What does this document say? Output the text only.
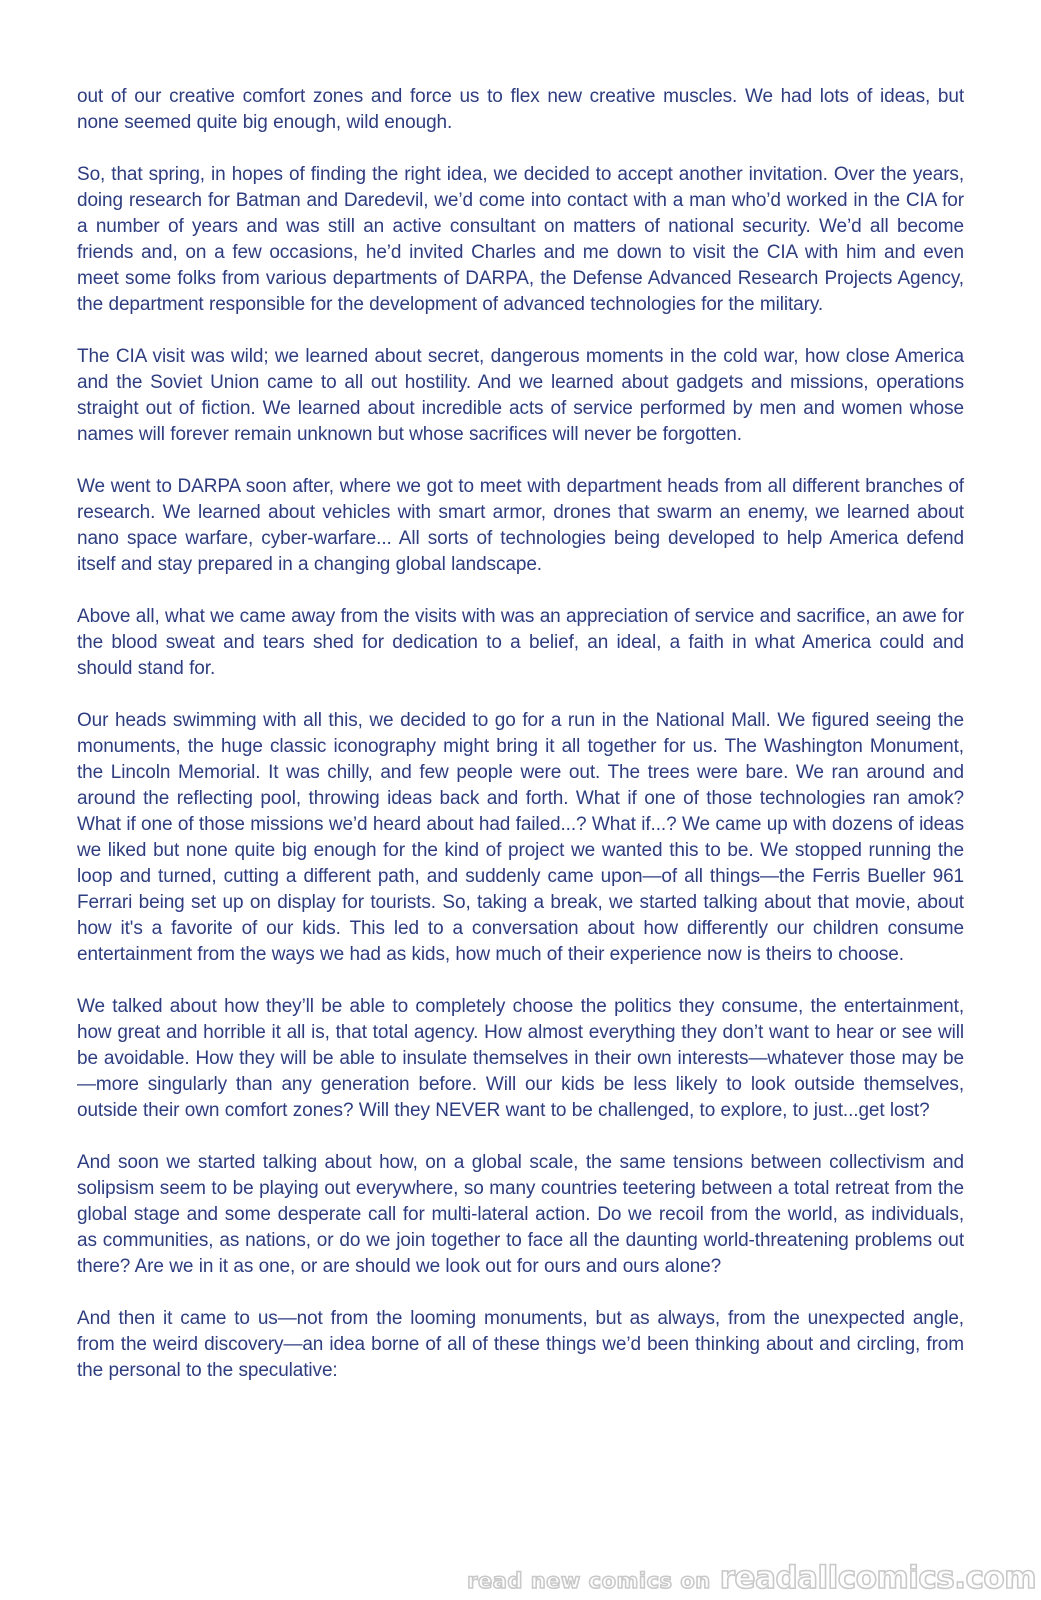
out of our creative comfort zones and force us to flex new creative muscles. We had lots of ideas, but none seemed quite big enough, wild enough.

So, that spring, in hopes of finding the right idea, we decided to accept another invitation. Over the years, doing research for Batman and Daredevil, we’d come into contact with a man who’d worked in the CIA for a number of years and was still an active consultant on matters of national security. We’d all become friends and, on a few occasions, he’d invited Charles and me down to visit the CIA with him and even meet some folks from various departments of DARPA, the Defense Advanced Research Projects Agency, the department responsible for the development of advanced technologies for the military.

The CIA visit was wild; we learned about secret, dangerous moments in the cold war, how close America and the Soviet Union came to all out hostility. And we learned about gadgets and missions, operations straight out of fiction. We learned about incredible acts of service performed by men and women whose names will forever remain unknown but whose sacrifices will never be forgotten.

We went to DARPA soon after, where we got to meet with department heads from all different branches of research. We learned about vehicles with smart armor, drones that swarm an enemy, we learned about nano space warfare, cyber-warfare... All sorts of technologies being developed to help America defend itself and stay prepared in a changing global landscape.

Above all, what we came away from the visits with was an appreciation of service and sacrifice, an awe for the blood sweat and tears shed for dedication to a belief, an ideal, a faith in what America could and should stand for.

Our heads swimming with all this, we decided to go for a run in the National Mall. We figured seeing the monuments, the huge classic iconography might bring it all together for us. The Washington Monument, the Lincoln Memorial. It was chilly, and few people were out. The trees were bare. We ran around and around the reflecting pool, throwing ideas back and forth. What if one of those technologies ran amok? What if one of those missions we’d heard about had failed...? What if...? We came up with dozens of ideas we liked but none quite big enough for the kind of project we wanted this to be. We stopped running the loop and turned, cutting a different path, and suddenly came upon—of all things—the Ferris Bueller 961 Ferrari being set up on display for tourists. So, taking a break, we started talking about that movie, about how it's a favorite of our kids. This led to a conversation about how differently our children consume entertainment from the ways we had as kids, how much of their experience now is theirs to choose.

We talked about how they’ll be able to completely choose the politics they consume, the entertainment, how great and horrible it all is, that total agency. How almost everything they don’t want to hear or see will be avoidable. How they will be able to insulate themselves in their own interests—whatever those may be—more singularly than any generation before. Will our kids be less likely to look outside themselves, outside their own comfort zones? Will they NEVER want to be challenged, to explore, to just...get lost?

And soon we started talking about how, on a global scale, the same tensions between collectivism and solipsism seem to be playing out everywhere, so many countries teetering between a total retreat from the global stage and some desperate call for multi-lateral action. Do we recoil from the world, as individuals, as communities, as nations, or do we join together to face all the daunting world-threatening problems out there? Are we in it as one, or are should we look out for ours and ours alone?

And then it came to us—not from the looming monuments, but as always, from the unexpected angle, from the weird discovery—an idea borne of all of these things we’d been thinking about and circling, from the personal to the speculative:

read new comics on readallcomics.com
